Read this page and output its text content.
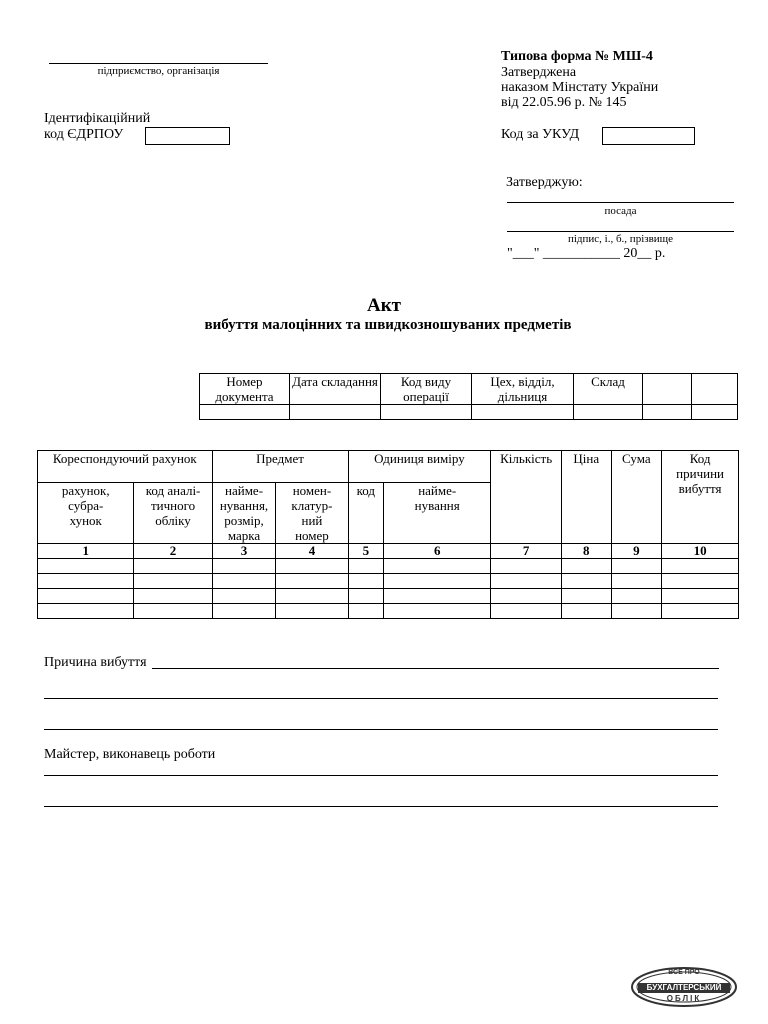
підприємство, організація
Ідентифікаційний
код ЄДРПОУ
Типова форма № МШ-4
Затверджена
наказом Мінстату України
від 22.05.96 р. № 145
Код за УКУД
Затверджую:
посада
підпис, і., б., прізвище
"___" ___________ 20__ р.
Акт
вибуття малоцінних та швидкозношуваних предметів
Номер документа	Дата складання	Код виду операції	Цех, відділ, дільниця	Склад		

Кореспондуючий рахунок		Предмет		Одиниця виміру		Кількість	Ціна	Сума	Код причини вибуття
рахунок, субра- хунок	код аналі- тичного обліку	найме- нування, розмір, марка	номен- клатур- ний номер	код	найме- нування				
1	2	3	4	5	6	7	8	9	10

Причина вибуття
Майстер, виконавець роботи
ВСЕ ПРО
БУХГАЛТЕРСЬКИЙ
ОБЛІК
